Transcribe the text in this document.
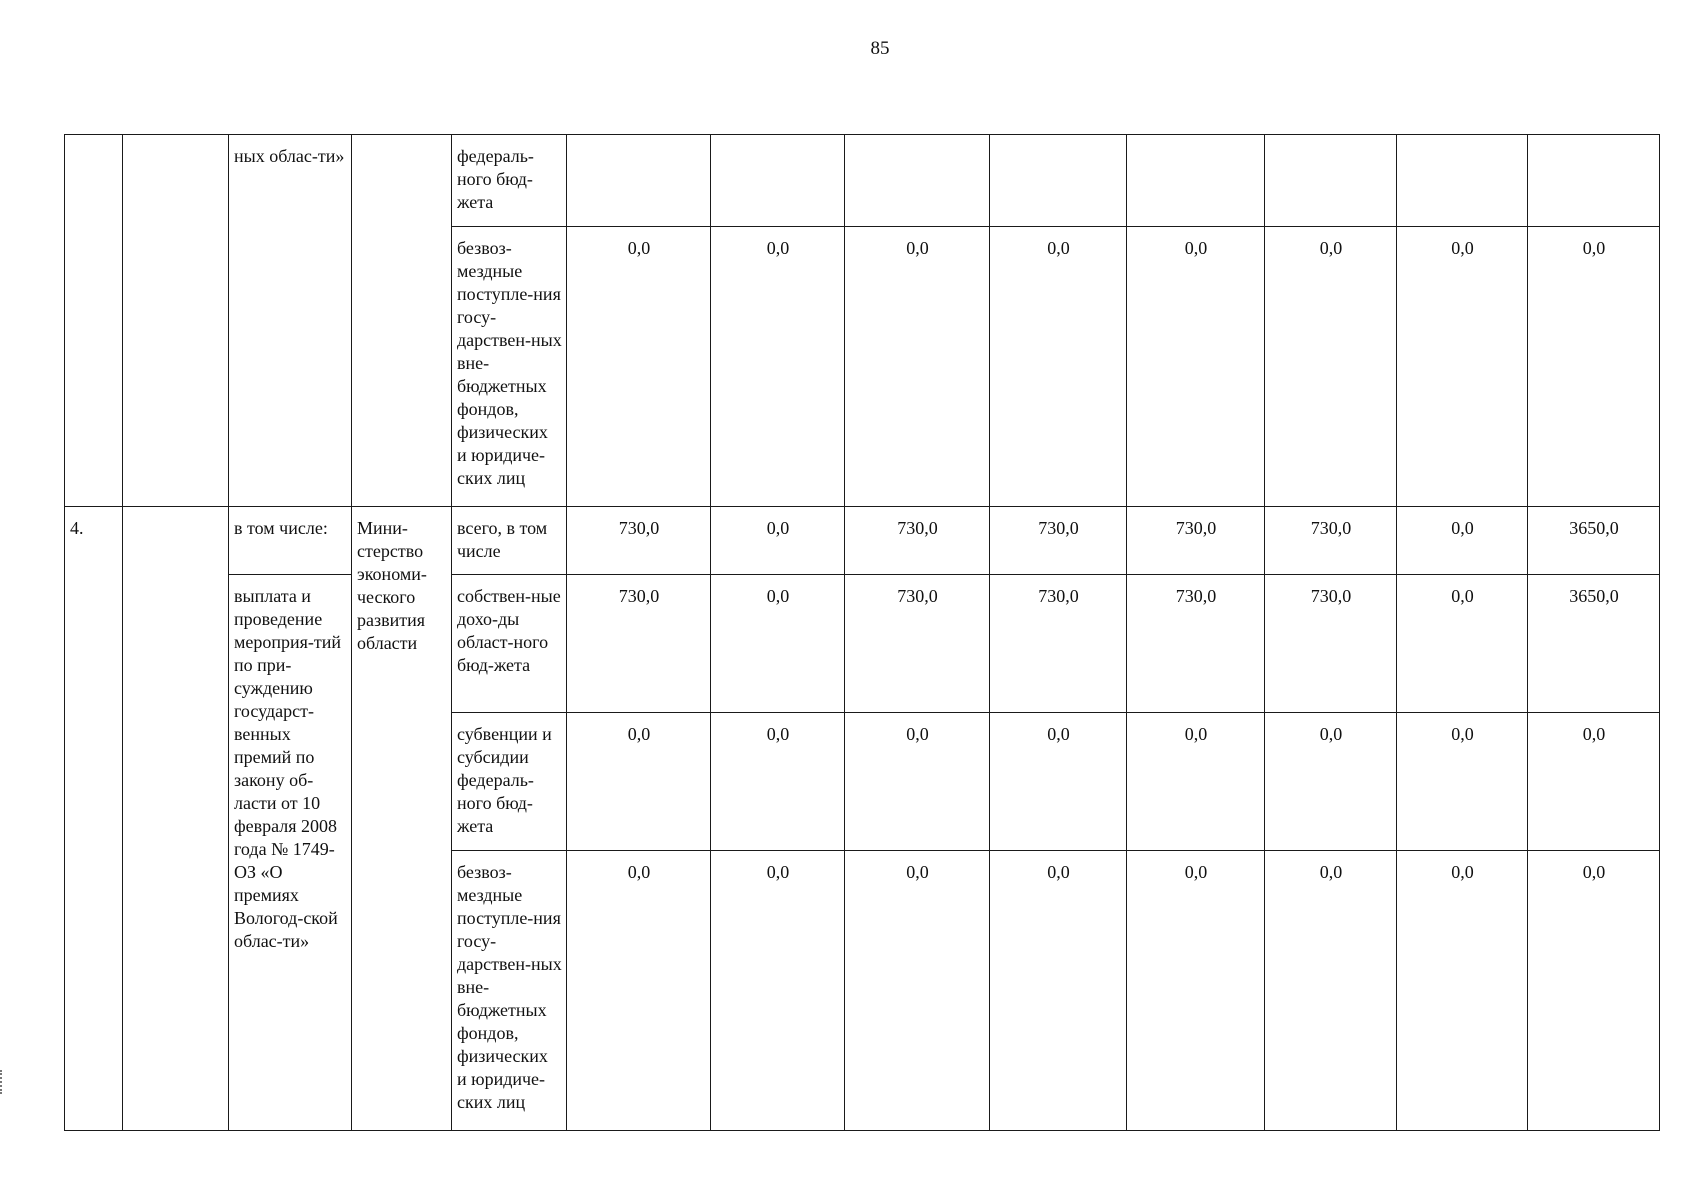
85
		ных облас-ти»		федераль-ного бюд-жета								
				безвоз-мездные поступле-ния госу-дарствен-ных вне-бюджетных фондов, физических и юридиче-ских лиц	0,0	0,0	0,0	0,0	0,0	0,0	0,0	0,0
4.		в том числе:	Мини-стерство экономи-ческого развития области	всего, в том числе	730,0	0,0	730,0	730,0	730,0	730,0	0,0	3650,0
		выплата и проведение мероприя-тий по при-суждению государст-венных премий по закону об-ласти от 10 февраля 2008 года № 1749-ОЗ «О премиях Вологод-ской облас-ти»		собствен-ные дохо-ды област-ного бюд-жета	730,0	0,0	730,0	730,0	730,0	730,0	0,0	3650,0
				субвенции и субсидии федераль-ного бюд-жета	0,0	0,0	0,0	0,0	0,0	0,0	0,0	0,0
				безвоз-мездные поступле-ния госу-дарствен-ных вне-бюджетных фондов, физических и юридиче-ских лиц	0,0	0,0	0,0	0,0	0,0	0,0	0,0	0,0
